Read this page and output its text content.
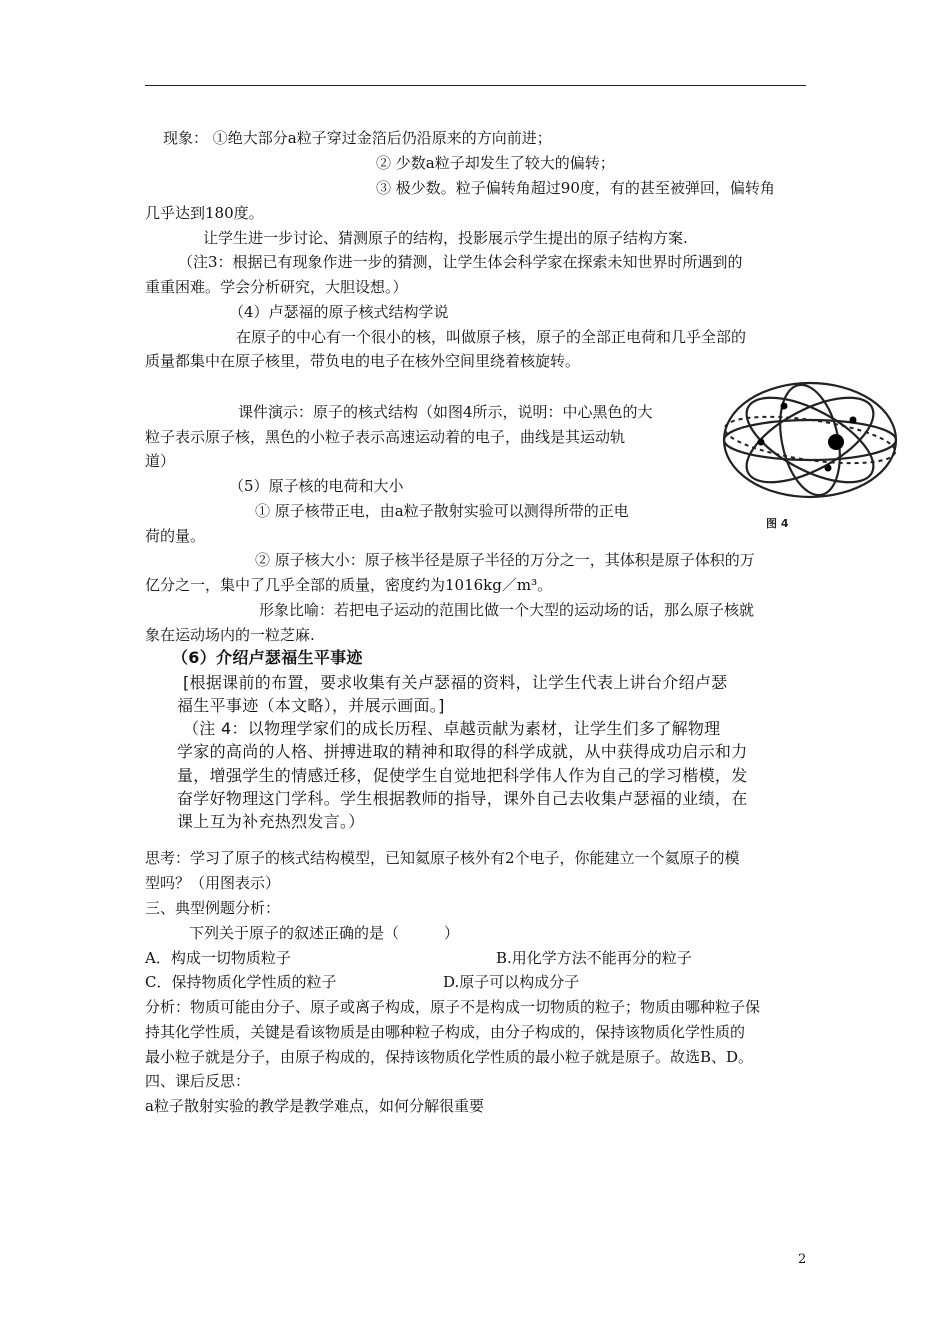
现象： ①绝大部分a粒子穿过金箔后仍沿原来的方向前进；
② 少数a粒子却发生了较大的偏转；
③ 极少数。粒子偏转角超过90度，有的甚至被弹回，偏转角
几乎达到180度。
让学生进一步讨论、猜测原子的结构，投影展示学生提出的原子结构方案.
（注3：根据已有现象作进一步的猜测，让学生体会科学家在探索未知世界时所遇到的
重重困难。学会分析研究，大胆设想。）
（4）卢瑟福的原子核式结构学说
在原子的中心有一个很小的核，叫做原子核，原子的全部正电荷和几乎全部的
质量都集中在原子核里，带负电的电子在核外空间里绕着核旋转。
课件演示：原子的核式结构（如图4所示，说明：中心黑色的大
粒子表示原子核，黑色的小粒子表示高速运动着的电子，曲线是其运动轨
道）
（5）原子核的电荷和大小
① 原子核带正电，由a粒子散射实验可以测得所带的正电
荷的量。
② 原子核大小：原子核半径是原子半径的万分之一，其体积是原子体积的万
亿分之一，集中了几乎全部的质量，密度约为1016kg／m³。
形象比喻：若把电子运动的范围比做一个大型的运动场的话，那么原子核就
象在运动场内的一粒芝麻.
（6）介绍卢瑟福生平事迹
[根据课前的布置，要求收集有关卢瑟福的资料，让学生代表上讲台介绍卢瑟
福生平事迹（本文略），并展示画面。]
（注 4：以物理学家们的成长历程、卓越贡献为素材，让学生们多了解物理
学家的高尚的人格、拼搏进取的精神和取得的科学成就，从中获得成功启示和力
量，增强学生的情感迁移，促使学生自觉地把科学伟人作为自己的学习楷模，发
奋学好物理这门学科。学生根据教师的指导，课外自己去收集卢瑟福的业绩，在
课上互为补充热烈发言。）
思考：学习了原子的核式结构模型，已知氦原子核外有2个电子，你能建立一个氦原子的模
型吗？（用图表示）
三、典型例题分析：
下列关于原子的叙述正确的是（　　　）
A．构成一切物质粒子	B.用化学方法不能再分的粒子
C．保持物质化学性质的粒子	D.原子可以构成分子
分析：物质可能由分子、原子或离子构成，原子不是构成一切物质的粒子；物质由哪种粒子保
持其化学性质，关键是看该物质是由哪种粒子构成，由分子构成的，保持该物质化学性质的
最小粒子就是分子，由原子构成的，保持该物质化学性质的最小粒子就是原子。故选B、D。
四、课后反思：
a粒子散射实验的教学是教学难点，如何分解很重要
图 4
2
